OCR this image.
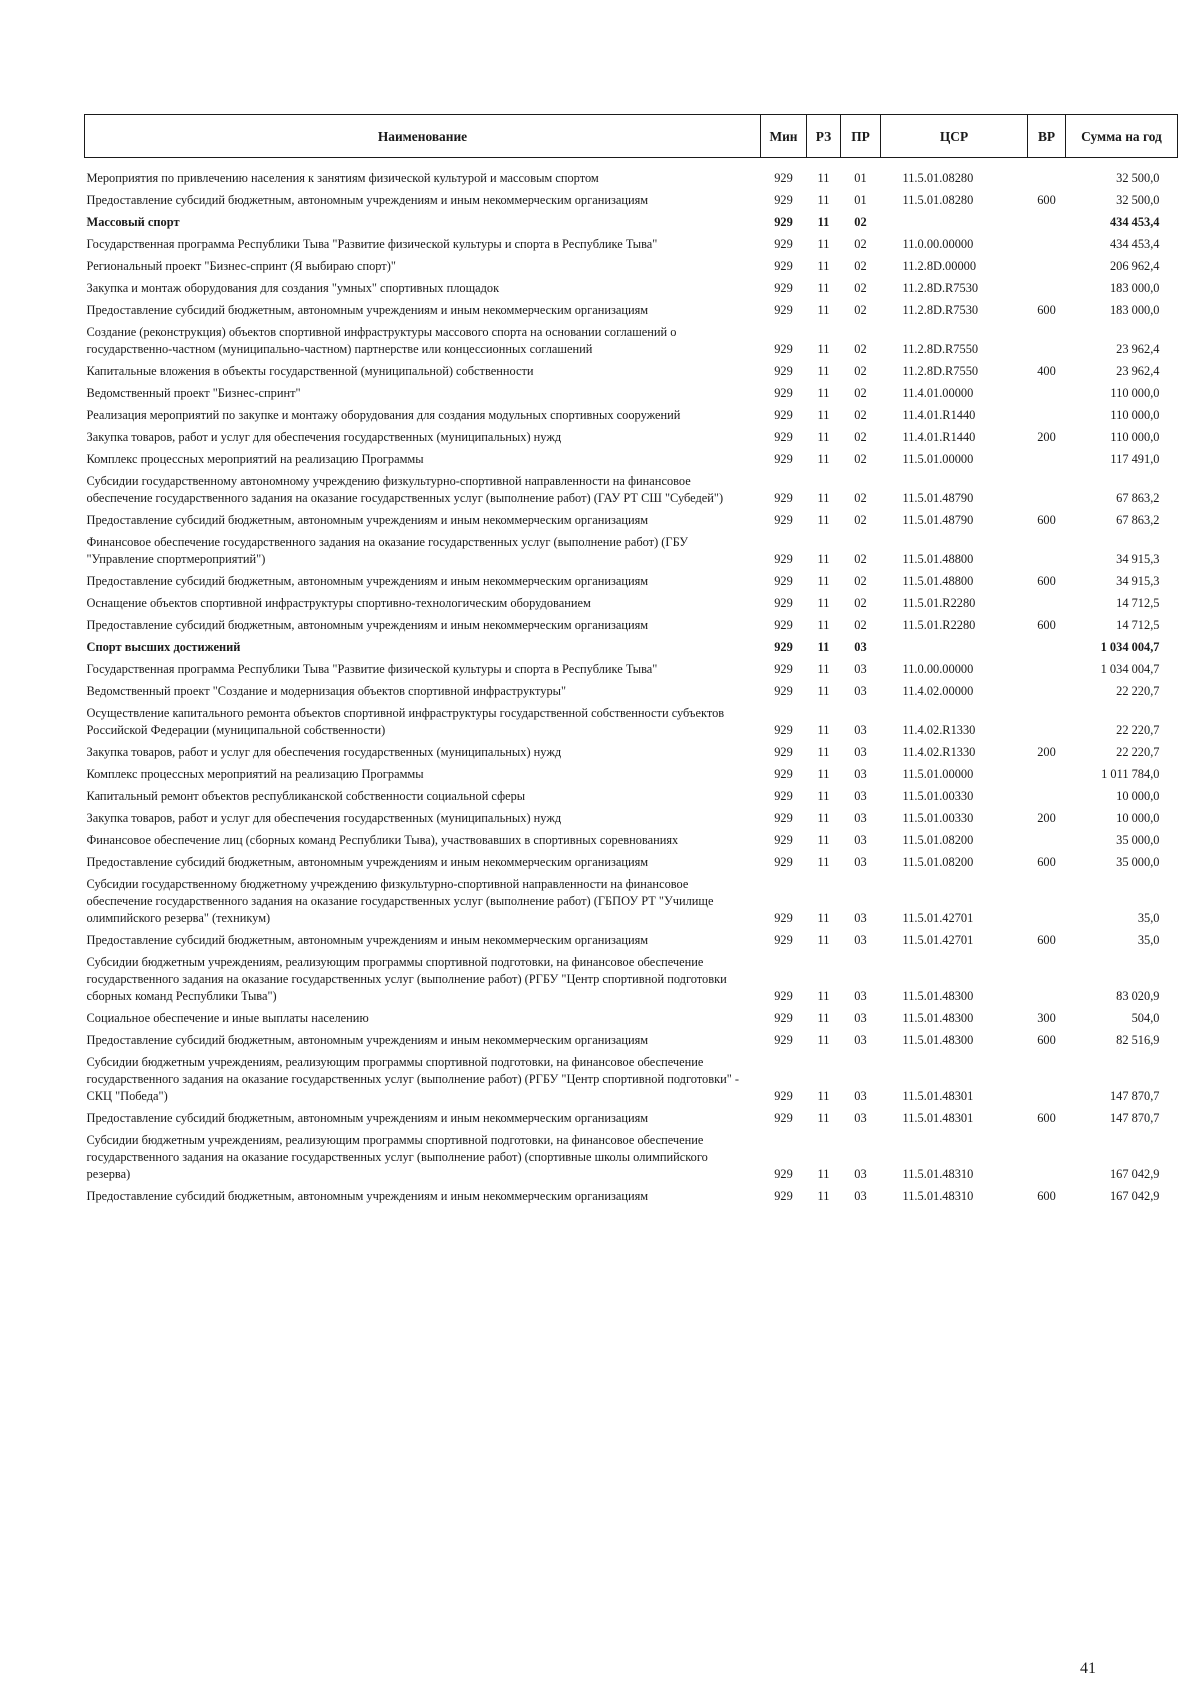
Наименование	Мин	РЗ	ПР	ЦСР	ВР	Сумма на год
Мероприятия по привлечению населения к занятиям физической культурой и массовым спортом	929	11	01	11.5.01.08280		32 500,0
Предоставление субсидий бюджетным, автономным учреждениям и иным некоммерческим организациям	929	11	01	11.5.01.08280	600	32 500,0
Массовый спорт	929	11	02			434 453,4
Государственная программа Республики Тыва "Развитие физической культуры и спорта в Республике Тыва"	929	11	02	11.0.00.00000		434 453,4
Региональный проект "Бизнес-спринт (Я выбираю спорт)"	929	11	02	11.2.8D.00000		206 962,4
Закупка и монтаж оборудования для создания "умных" спортивных площадок	929	11	02	11.2.8D.R7530		183 000,0
Предоставление субсидий бюджетным, автономным учреждениям и иным некоммерческим организациям	929	11	02	11.2.8D.R7530	600	183 000,0
Создание (реконструкция) объектов спортивной инфраструктуры массового спорта на основании соглашений о государственно-частном (муниципально-частном) партнерстве или концессионных соглашений	929	11	02	11.2.8D.R7550		23 962,4
Капитальные вложения в объекты государственной (муниципальной) собственности	929	11	02	11.2.8D.R7550	400	23 962,4
Ведомственный проект "Бизнес-спринт"	929	11	02	11.4.01.00000		110 000,0
Реализация мероприятий по закупке и монтажу оборудования для создания модульных спортивных сооружений	929	11	02	11.4.01.R1440		110 000,0
Закупка товаров, работ и услуг для обеспечения государственных (муниципальных) нужд	929	11	02	11.4.01.R1440	200	110 000,0
Комплекс процессных мероприятий на реализацию Программы	929	11	02	11.5.01.00000		117 491,0
Субсидии государственному автономному учреждению физкультурно-спортивной направленности на финансовое обеспечение государственного задания на оказание государственных услуг (выполнение работ) (ГАУ РТ СШ "Субедей")	929	11	02	11.5.01.48790		67 863,2
Предоставление субсидий бюджетным, автономным учреждениям и иным некоммерческим организациям	929	11	02	11.5.01.48790	600	67 863,2
Финансовое обеспечение государственного задания на оказание государственных услуг (выполнение работ) (ГБУ "Управление спортмероприятий")	929	11	02	11.5.01.48800		34 915,3
Предоставление субсидий бюджетным, автономным учреждениям и иным некоммерческим организациям	929	11	02	11.5.01.48800	600	34 915,3
Оснащение объектов спортивной инфраструктуры спортивно-технологическим оборудованием	929	11	02	11.5.01.R2280		14 712,5
Предоставление субсидий бюджетным, автономным учреждениям и иным некоммерческим организациям	929	11	02	11.5.01.R2280	600	14 712,5
Спорт высших достижений	929	11	03			1 034 004,7
Государственная программа Республики Тыва "Развитие физической культуры и спорта в Республике Тыва"	929	11	03	11.0.00.00000		1 034 004,7
Ведомственный проект "Создание и модернизация объектов спортивной инфраструктуры"	929	11	03	11.4.02.00000		22 220,7
Осуществление капитального ремонта объектов спортивной инфраструктуры государственной собственности субъектов Российской Федерации (муниципальной собственности)	929	11	03	11.4.02.R1330		22 220,7
Закупка товаров, работ и услуг для обеспечения государственных (муниципальных) нужд	929	11	03	11.4.02.R1330	200	22 220,7
Комплекс процессных мероприятий на реализацию Программы	929	11	03	11.5.01.00000		1 011 784,0
Капитальный ремонт объектов республиканской собственности социальной сферы	929	11	03	11.5.01.00330		10 000,0
Закупка товаров, работ и услуг для обеспечения государственных (муниципальных) нужд	929	11	03	11.5.01.00330	200	10 000,0
Финансовое обеспечение лиц (сборных команд Республики Тыва), участвовавших в спортивных соревнованиях	929	11	03	11.5.01.08200		35 000,0
Предоставление субсидий бюджетным, автономным учреждениям и иным некоммерческим организациям	929	11	03	11.5.01.08200	600	35 000,0
Субсидии государственному бюджетному учреждению физкультурно-спортивной направленности на финансовое обеспечение государственного задания на оказание государственных услуг (выполнение работ) (ГБПОУ РТ "Училище олимпийского резерва" (техникум)	929	11	03	11.5.01.42701		35,0
Предоставление субсидий бюджетным, автономным учреждениям и иным некоммерческим организациям	929	11	03	11.5.01.42701	600	35,0
Субсидии бюджетным учреждениям, реализующим программы спортивной подготовки, на финансовое обеспечение государственного задания на оказание государственных услуг (выполнение работ) (РГБУ "Центр спортивной подготовки сборных команд Республики Тыва")	929	11	03	11.5.01.48300		83 020,9
Социальное обеспечение и иные выплаты населению	929	11	03	11.5.01.48300	300	504,0
Предоставление субсидий бюджетным, автономным учреждениям и иным некоммерческим организациям	929	11	03	11.5.01.48300	600	82 516,9
Субсидии бюджетным учреждениям, реализующим программы спортивной подготовки, на финансовое обеспечение государственного задания на оказание государственных услуг (выполнение работ) (РГБУ "Центр спортивной подготовки" - СКЦ "Победа")	929	11	03	11.5.01.48301		147 870,7
Предоставление субсидий бюджетным, автономным учреждениям и иным некоммерческим организациям	929	11	03	11.5.01.48301	600	147 870,7
Субсидии бюджетным учреждениям, реализующим программы спортивной подготовки, на финансовое обеспечение государственного задания на оказание государственных услуг (выполнение работ) (спортивные школы олимпийского резерва)	929	11	03	11.5.01.48310		167 042,9
Предоставление субсидий бюджетным, автономным учреждениям и иным некоммерческим организациям	929	11	03	11.5.01.48310	600	167 042,9
41
